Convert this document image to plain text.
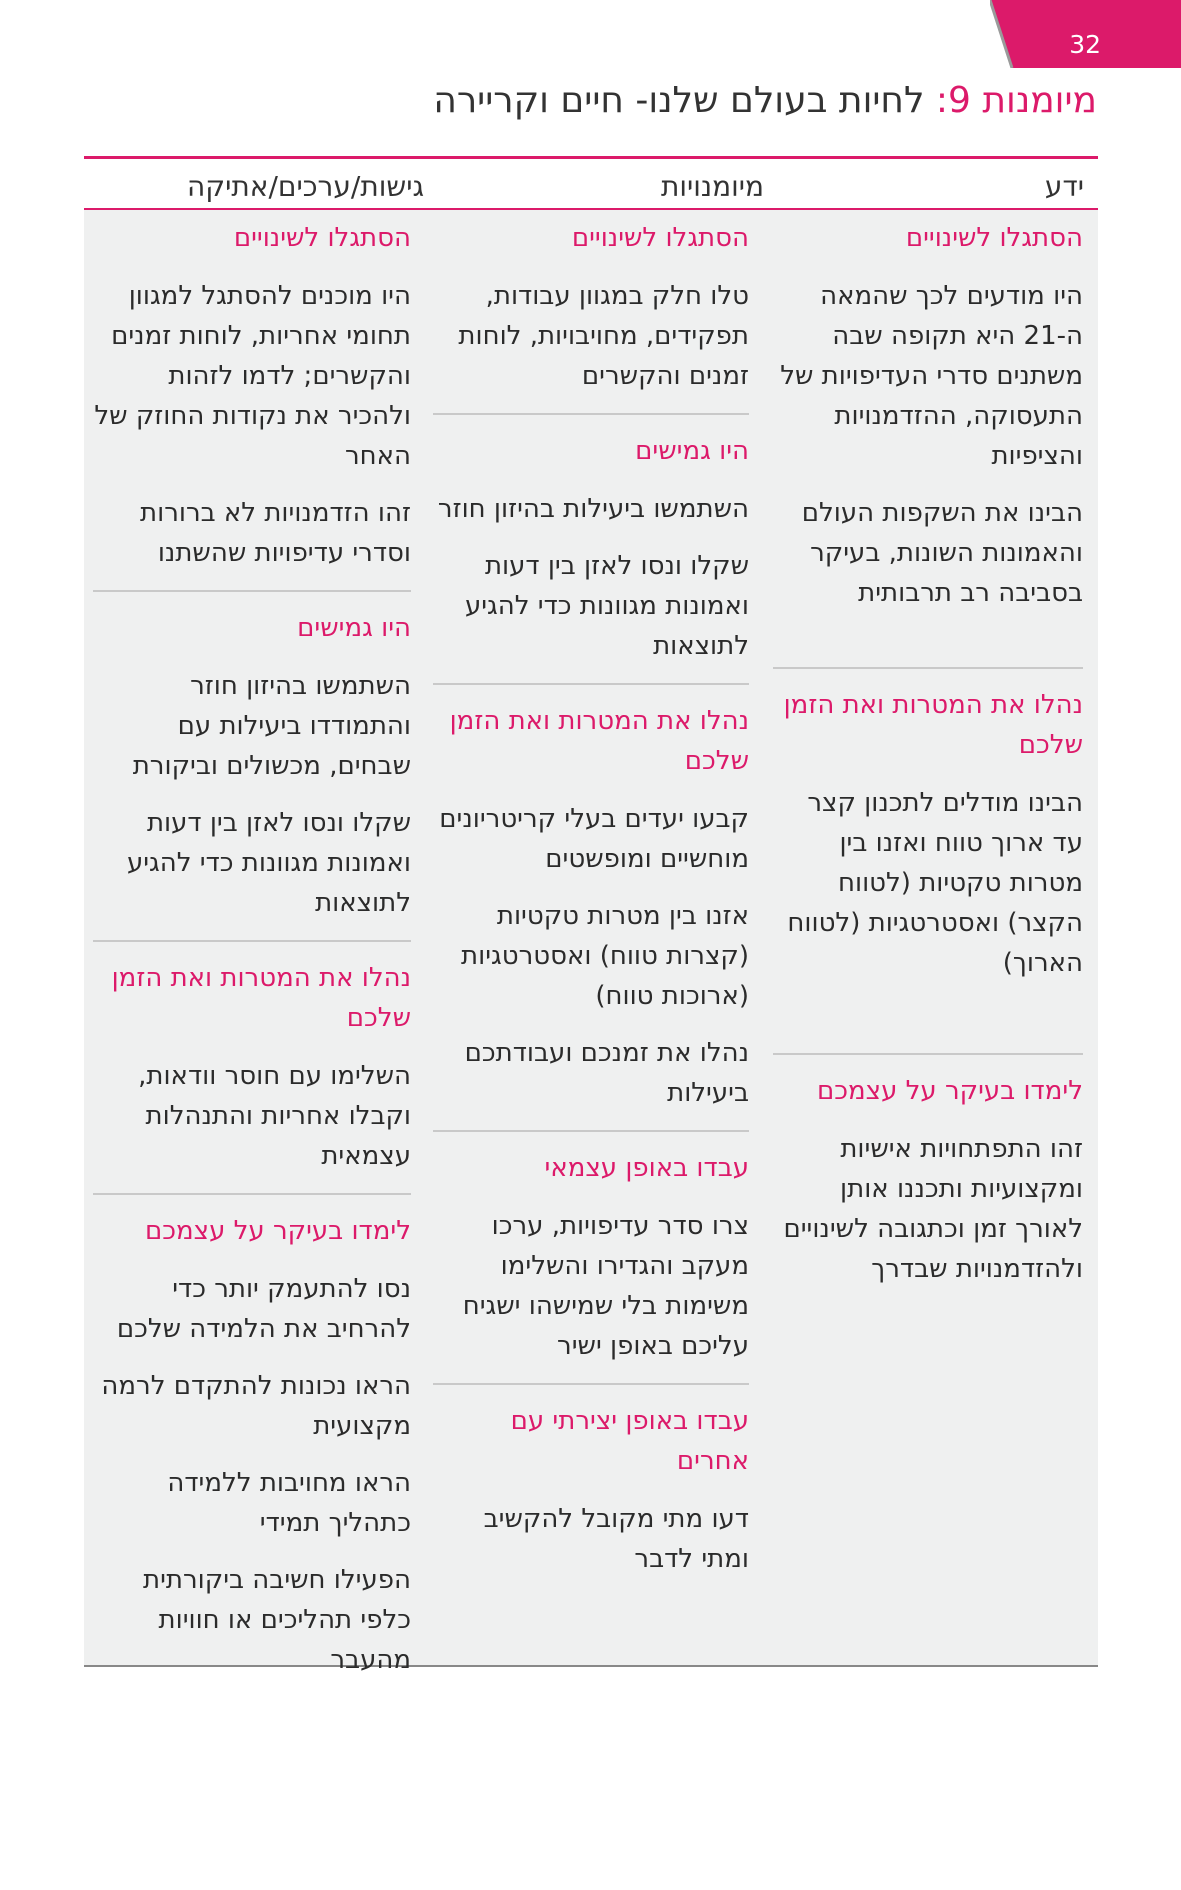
32
מיומנות 9: לחיות בעולם שלנו- חיים וקריירה
ידע
מיומנויות
גישות/ערכים/אתיקה
הסתגלו לשינויים
היו מודעים לכך שהמאה ה-21 היא תקופה שבה משתנים סדרי העדיפויות של התעסוקה, ההזדמנויות והציפיות
הבינו את השקפות העולם והאמונות השונות, בעיקר בסביבה רב תרבותית
נהלו את המטרות ואת הזמן שלכם
הבינו מודלים לתכנון קצר עד ארוך טווח ואזנו בין מטרות טקטיות (לטווח הקצר) ואסטרטגיות (לטווח הארוך)
לימדו בעיקר על עצמכם
זהו התפתחויות אישיות ומקצועיות ותכננו אותן לאורך זמן וכתגובה לשינויים ולהזדמנויות שבדרך
הסתגלו לשינויים
טלו חלק במגוון עבודות, תפקידים, מחויבויות, לוחות זמנים והקשרים
היו גמישים
השתמשו ביעילות בהיזון חוזר
שקלו ונסו לאזן בין דעות ואמונות מגוונות כדי להגיע לתוצאות
נהלו את המטרות ואת הזמן שלכם
קבעו יעדים בעלי קריטריונים מוחשיים ומופשטים
אזנו בין מטרות טקטיות (קצרות טווח) ואסטרטגיות (ארוכות טווח)
נהלו את זמנכם ועבודתכם ביעילות
עבדו באופן עצמאי
צרו סדר עדיפויות, ערכו מעקב והגדירו והשלימו משימות בלי שמישהו ישגיח עליכם באופן ישיר
עבדו באופן יצירתי עם אחרים
דעו מתי מקובל להקשיב ומתי לדבר
הסתגלו לשינויים
היו מוכנים להסתגל למגוון תחומי אחריות, לוחות זמנים והקשרים; לדמו לזהות ולהכיר את נקודות החוזק של האחר
זהו הזדמנויות לא ברורות וסדרי עדיפויות שהשתנו
היו גמישים
השתמשו בהיזון חוזר והתמודדו ביעילות עם שבחים, מכשולים וביקורת
שקלו ונסו לאזן בין דעות ואמונות מגוונות כדי להגיע לתוצאות
נהלו את המטרות ואת הזמן שלכם
השלימו עם חוסר וודאות, וקבלו אחריות והתנהלות עצמאית
לימדו בעיקר על עצמכם
נסו להתעמק יותר כדי להרחיב את הלמידה שלכם
הראו נכונות להתקדם לרמה מקצועית
הראו מחויבות ללמידה כתהליך תמידי
הפעילו חשיבה ביקורתית כלפי תהליכים או חוויות מהעבר
